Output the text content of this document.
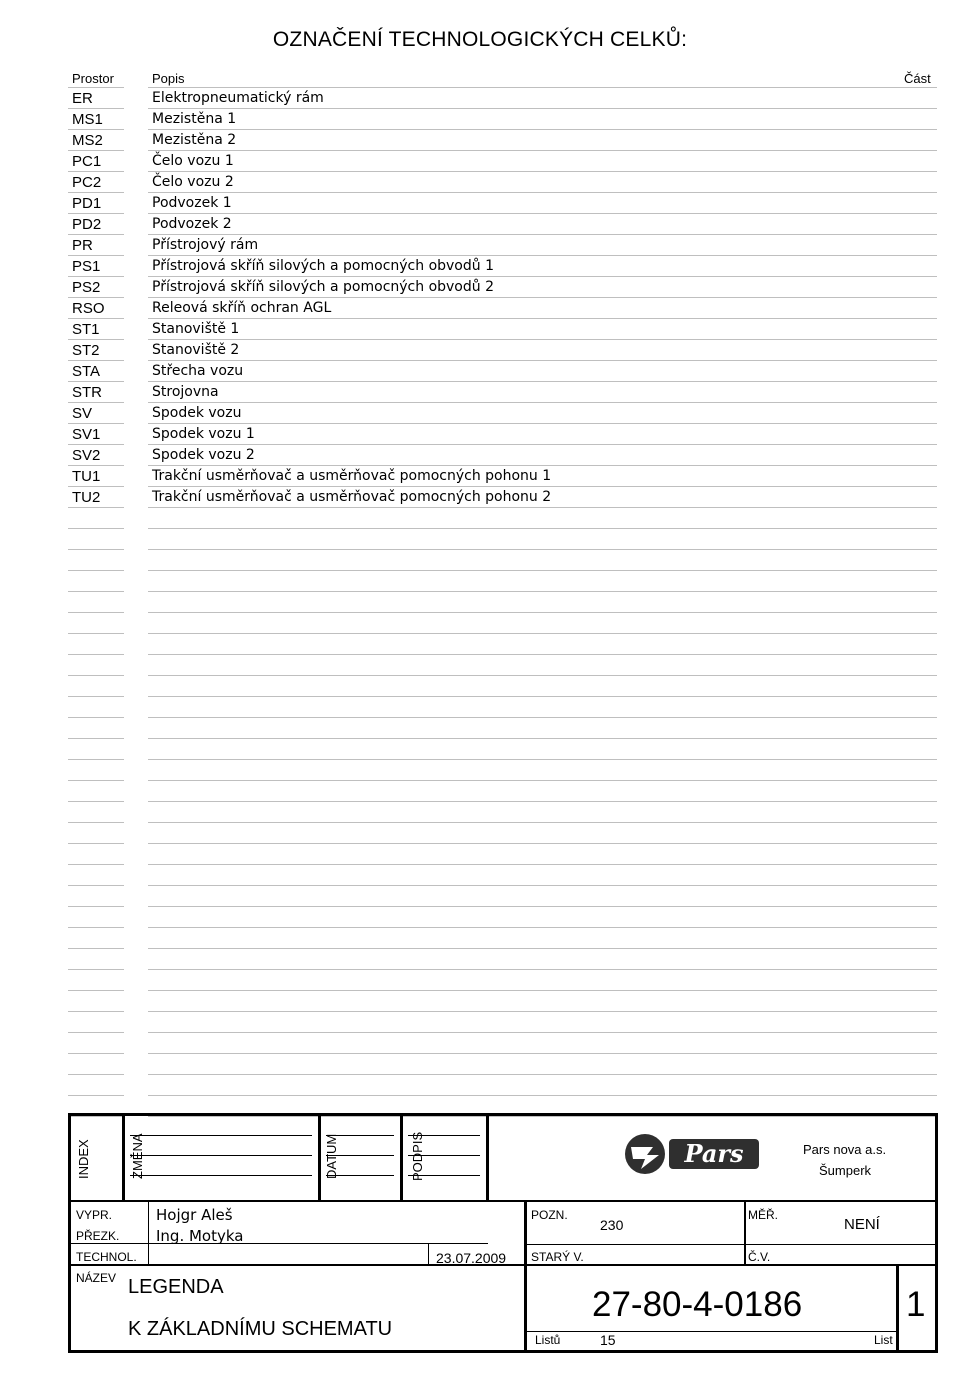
OZNAČENÍ TECHNOLOGICKÝCH CELKŮ:
Prostor	Popis	Část
ER	Elektropneumatický rám
MS1	Mezistěna 1
MS2	Mezistěna 2
PC1	Čelo vozu 1
PC2	Čelo vozu 2
PD1	Podvozek 1
PD2	Podvozek 2
PR	Přístrojový rám
PS1	Přístrojová skříň silových a pomocných obvodů 1
PS2	Přístrojová skříň silových a pomocných obvodů 2
RSO	Releová skříň ochran AGL
ST1	Stanoviště 1
ST2	Stanoviště 2
STA	Střecha vozu
STR	Strojovna
SV	Spodek vozu
SV1	Spodek vozu 1
SV2	Spodek vozu 2
TU1	Trakční usměrňovač a usměrňovač pomocných pohonu 1
TU2	Trakční usměrňovač a usměrňovač pomocných pohonu 2
INDEX	ZMĚNA	DATUM	PODPIS	Pars	Pars nova a.s.
Šumperk
VYPR.	Hojgr Aleš
PŘEZK. Ing. Motyka
TECHNOL.	23.07.2009
POZN.
230
STARÝ V.
MĚŘ.
NENÍ
Č.V.
NÁZEV LEGENDA
K ZÁKLADNÍMU SCHEMATU
27-80-4-0186
Listů	15	List
1
